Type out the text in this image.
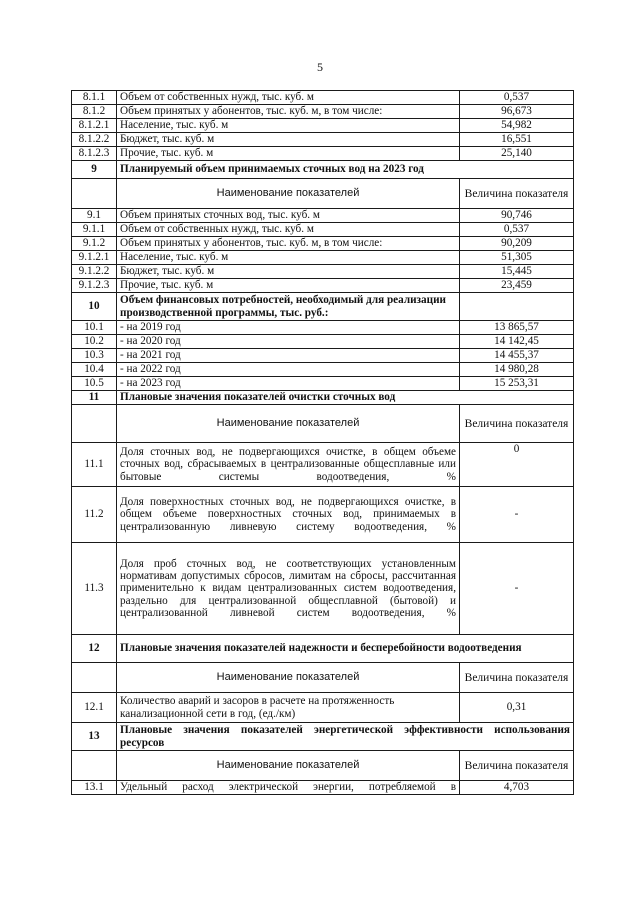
5
8.1.1	Объем от собственных нужд, тыс. куб. м	0,537
8.1.2	Объем принятых у абонентов, тыс. куб. м, в том числе:	96,673
8.1.2.1	Население, тыс. куб. м	54,982
8.1.2.2	Бюджет, тыс. куб. м	16,551
8.1.2.3	Прочие, тыс. куб. м	25,140
9	Планируемый объем принимаемых сточных вод на 2023 год	
	Наименование показателей	Величина показателя
9.1	Объем принятых сточных вод, тыс. куб. м	90,746
9.1.1	Объем от собственных нужд, тыс. куб. м	0,537
9.1.2	Объем принятых у абонентов, тыс. куб. м, в том числе:	90,209
9.1.2.1	Население, тыс. куб. м	51,305
9.1.2.2	Бюджет, тыс. куб. м	15,445
9.1.2.3	Прочие, тыс. куб. м	23,459
10	Объем финансовых потребностей, необходимый для реализации производственной программы, тыс. руб.:	
10.1	- на 2019 год	13 865,57
10.2	- на 2020 год	14 142,45
10.3	- на 2021 год	14 455,37
10.4	- на 2022 год	14 980,28
10.5	- на 2023 год	15 253,31
11	Плановые значения показателей очистки сточных вод	
	Наименование показателей	Величина показателя
11.1	Доля сточных вод, не подвергающихся очистке, в общем объеме сточных вод, сбрасываемых в централизованные общесплавные или бытовые системы водоотведения, %	0
11.2	Доля поверхностных сточных вод, не подвергающихся очистке, в общем объеме поверхностных сточных вод, принимаемых в централизованную ливневую систему водоотведения, %	-
11.3	Доля проб сточных вод, не соответствующих установленным нормативам допустимых сбросов, лимитам на сбросы, рассчитанная применительно к видам централизованных систем водоотведения, раздельно для централизованной общесплавной (бытовой) и централизованной ливневой систем водоотведения, %	-
12	Плановые значения показателей надежности и бесперебойности водоотведения	
	Наименование показателей	Величина показателя
12.1	Количество аварий и засоров в расчете на протяженность канализационной сети в год, (ед./км)	0,31
13	Плановые значения показателей энергетической эффективности использования ресурсов	
	Наименование показателей	Величина показателя
13.1	Удельный расход электрической энергии, потребляемой в	4,703
